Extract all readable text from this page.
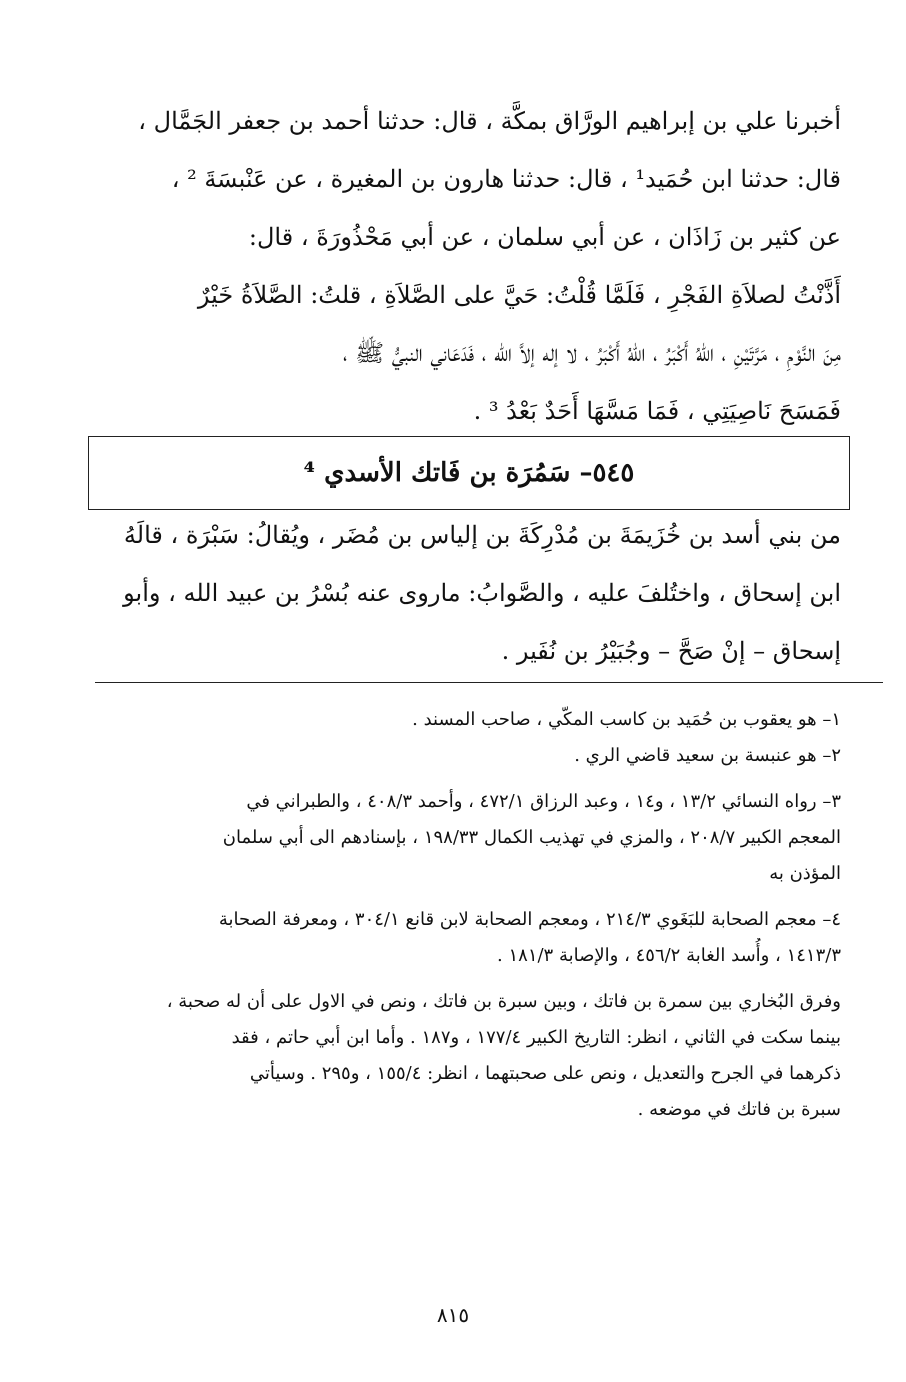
أخبرنا علي بن إبراهيم الورَّاق بمكَّة ، قال: حدثنا أحمد بن جعفر الجَمَّال ،
قال: حدثنا ابن حُمَيد¹ ، قال: حدثنا هارون بن المغيرة ، عن عَنْبسَةَ ² ،
عن كثير بن زَاذَان ، عن أبي سلمان ، عن أبي مَحْذُورَةَ ، قال:
أَذَّنْتُ لصلاَةِ الفَجْرِ ، فَلَمَّا قُلْتُ: حَيَّ على الصَّلاَةِ ، قلتُ: الصَّلاَةُ خَيْرٌ
مِنَ النَّوْمِ ، مَرَّتَيْنِ ، اللهُ أَكْبَرُ ، اللهُ أَكْبَرُ ، لا إله إلاَّ الله ، فَدَعَاني النبيُّ ﷺ ،
فَمَسَحَ نَاصِيَتِي ، فَمَا مَسَّهَا أَحَدٌ بَعْدُ ³ .
٥٤٥– سَمُرَة بن فَاتك الأسدي ⁴
من بني أسد بن خُزَيمَةَ بن مُدْرِكَةَ بن إلياس بن مُضَر ، ويُقالُ: سَبْرَة ، قالَهُ
ابن إسحاق ، واختُلفَ عليه ، والصَّوابُ: ماروى عنه بُسْرُ بن عبيد الله ، وأبو
إسحاق – إنْ صَحَّ – وجُبَيْرُ بن نُفَير .
١– هو يعقوب بن حُمَيد بن كاسب المكّي ، صاحب المسند .
٢– هو عنبسة بن سعيد قاضي الري .
٣– رواه النسائي ١٣/٢ ، و١٤ ، وعبد الرزاق ٤٧٢/١ ، وأحمد ٤٠٨/٣ ، والطبراني في
المعجم الكبير ٢٠٨/٧ ، والمزي في تهذيب الكمال ١٩٨/٣٣ ، بإسنادهم الى أبي سلمان
المؤذن به
٤– معجم الصحابة للبَغَوي ٢١٤/٣ ، ومعجم الصحابة لابن قانع ٣٠٤/١ ، ومعرفة الصحابة
١٤١٣/٣ ، وأُسد الغابة ٤٥٦/٢ ، والإصابة ١٨١/٣ .
وفرق البُخاري بين سمرة بن فاتك ، وبين سبرة بن فاتك ، ونص في الاول على أن له صحبة ،
بينما سكت في الثاني ، انظر: التاريخ الكبير ١٧٧/٤ ، و١٨٧ . وأما ابن أبي حاتم ، فقد
ذكرهما في الجرح والتعديل ، ونص على صحبتهما ، انظر: ١٥٥/٤ ، و٢٩٥ . وسيأتي
سبرة بن فاتك في موضعه .
٨١٥
